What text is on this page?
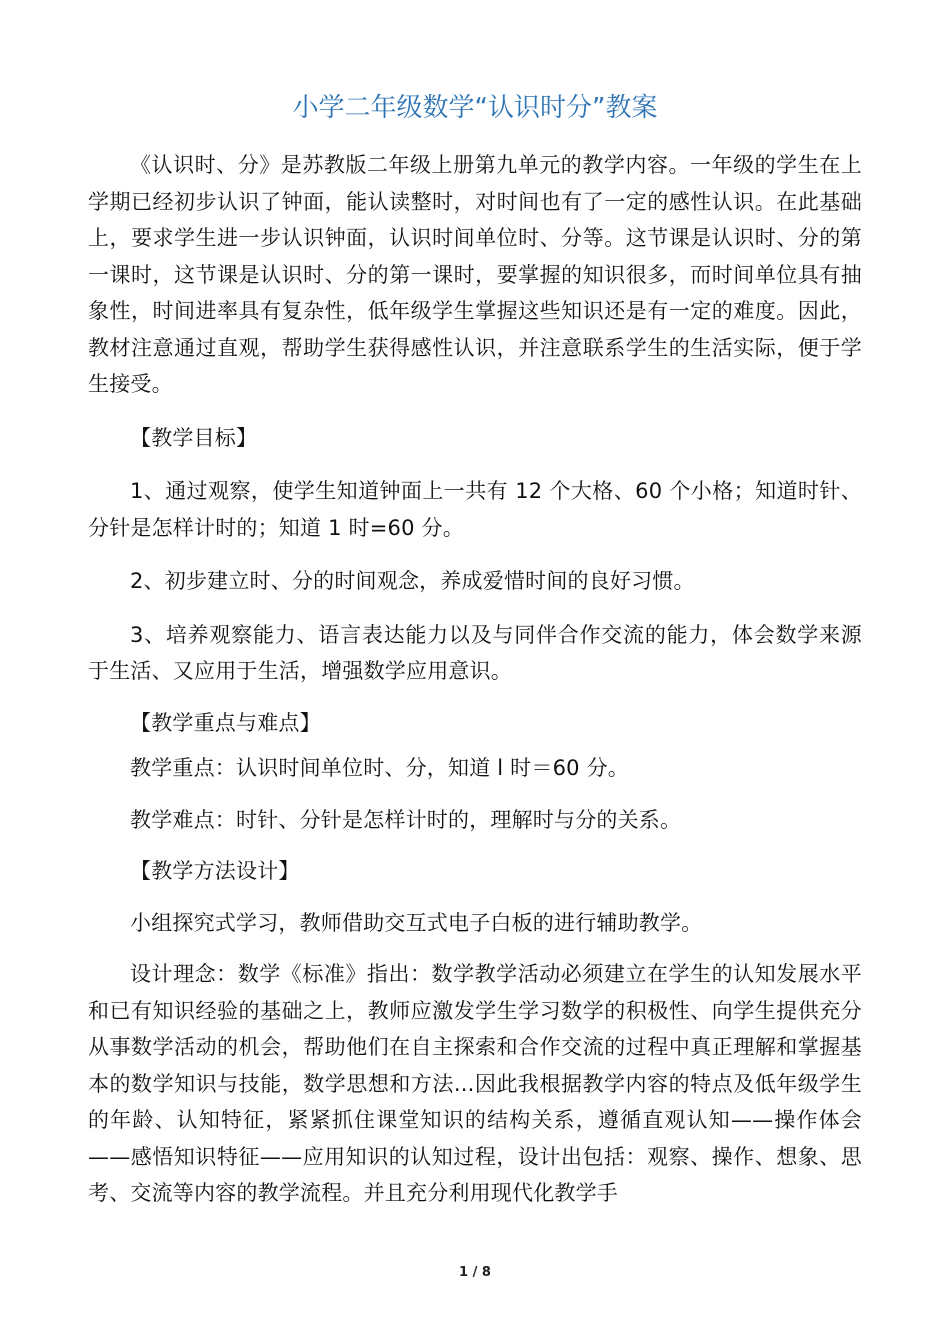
小学二年级数学“认识时分”教案

《认识时、分》是苏教版二年级上册第九单元的教学内容。一年级的学生在上学期已经初步认识了钟面，能认读整时，对时间也有了一定的感性认识。在此基础上，要求学生进一步认识钟面，认识时间单位时、分等。这节课是认识时、分的第一课时，这节课是认识时、分的第一课时，要掌握的知识很多，而时间单位具有抽象性，时间进率具有复杂性，低年级学生掌握这些知识还是有一定的难度。因此，教材注意通过直观，帮助学生获得感性认识，并注意联系学生的生活实际，便于学生接受。

【教学目标】

1、通过观察，使学生知道钟面上一共有 12 个大格、60 个小格；知道时针、分针是怎样计时的；知道 1 时=60 分。

2、初步建立时、分的时间观念，养成爱惜时间的良好习惯。

3、培养观察能力、语言表达能力以及与同伴合作交流的能力，体会数学来源于生活、又应用于生活，增强数学应用意识。

【教学重点与难点】

教学重点：认识时间单位时、分，知道 l 时＝60 分。

教学难点：时针、分针是怎样计时的，理解时与分的关系。

【教学方法设计】

小组探究式学习，教师借助交互式电子白板的进行辅助教学。

设计理念：数学《标准》指出：数学教学活动必须建立在学生的认知发展水平和已有知识经验的基础之上，教师应激发学生学习数学的积极性、向学生提供充分从事数学活动的机会，帮助他们在自主探索和合作交流的过程中真正理解和掌握基本的数学知识与技能，数学思想和方法...因此我根据教学内容的特点及低年级学生的年龄、认知特征，紧紧抓住课堂知识的结构关系，遵循直观认知——操作体会——感悟知识特征——应用知识的认知过程，设计出包括：观察、操作、想象、思考、交流等内容的教学流程。并且充分利用现代化教学手

1 / 8
